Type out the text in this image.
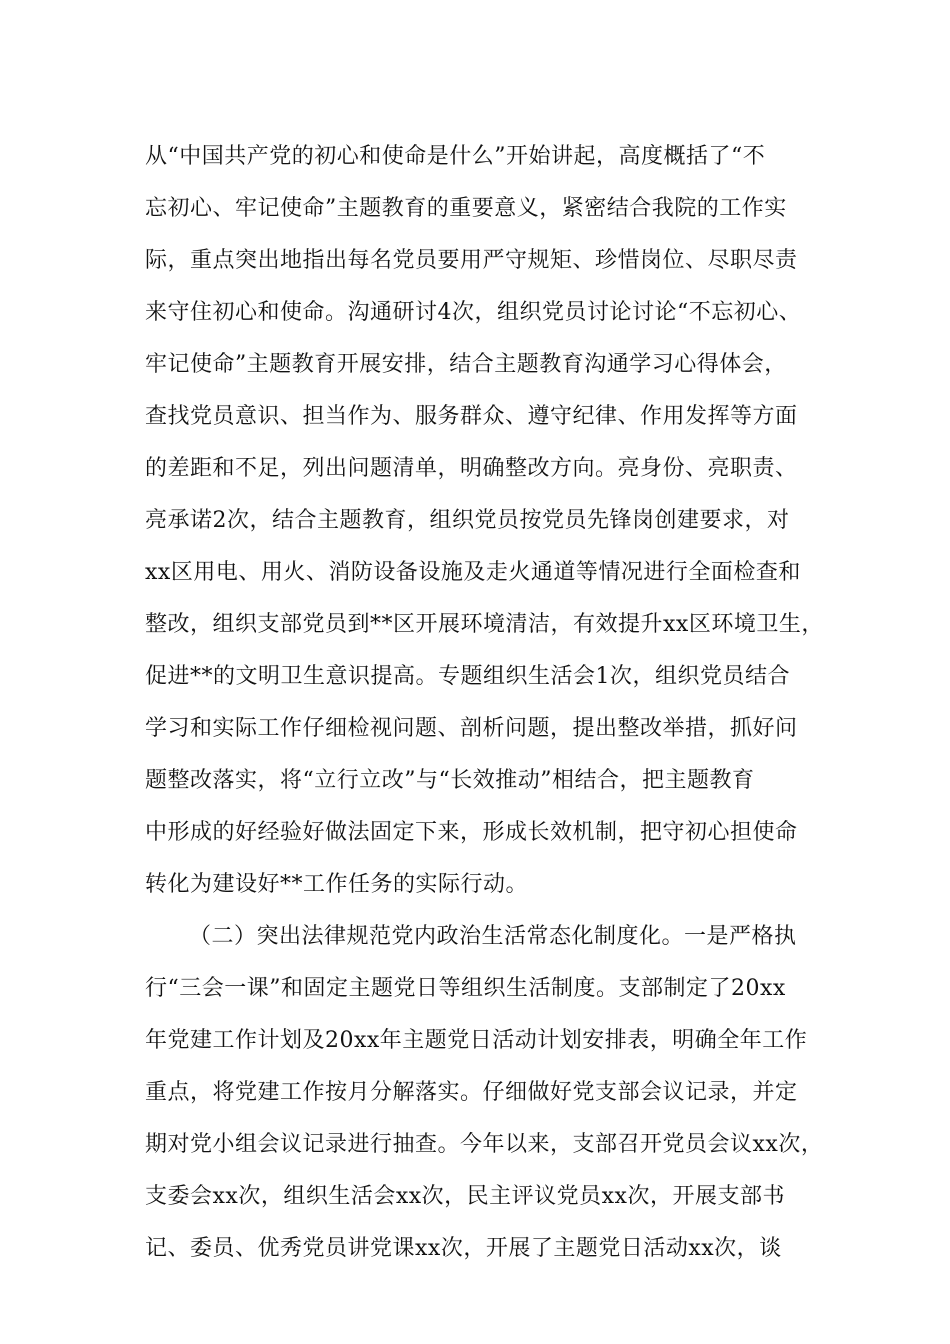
从“中国共产党的初心和使命是什么”开始讲起，高度概括了“不
忘初心、牢记使命”主题教育的重要意义，紧密结合我院的工作实
际，重点突出地指出每名党员要用严守规矩、珍惜岗位、尽职尽责
来守住初心和使命。沟通研讨4次，组织党员讨论讨论“不忘初心、
牢记使命”主题教育开展安排，结合主题教育沟通学习心得体会，
查找党员意识、担当作为、服务群众、遵守纪律、作用发挥等方面
的差距和不足，列出问题清单，明确整改方向。亮身份、亮职责、
亮承诺2次，结合主题教育，组织党员按党员先锋岗创建要求，对
xx区用电、用火、消防设备设施及走火通道等情况进行全面检查和
整改，组织支部党员到**区开展环境清洁，有效提升xx区环境卫生，
促进**的文明卫生意识提高。专题组织生活会1次，组织党员结合
学习和实际工作仔细检视问题、剖析问题，提出整改举措，抓好问
题整改落实，将“立行立改”与“长效推动”相结合，把主题教育
中形成的好经验好做法固定下来，形成长效机制，把守初心担使命
转化为建设好**工作任务的实际行动。
（二）突出法律规范党内政治生活常态化制度化。一是严格执
行“三会一课”和固定主题党日等组织生活制度。支部制定了20xx
年党建工作计划及20xx年主题党日活动计划安排表，明确全年工作
重点，将党建工作按月分解落实。仔细做好党支部会议记录，并定
期对党小组会议记录进行抽查。今年以来，支部召开党员会议xx次，
支委会xx次，组织生活会xx次，民主评议党员xx次，开展支部书
记、委员、优秀党员讲党课xx次，开展了主题党日活动xx次，谈
